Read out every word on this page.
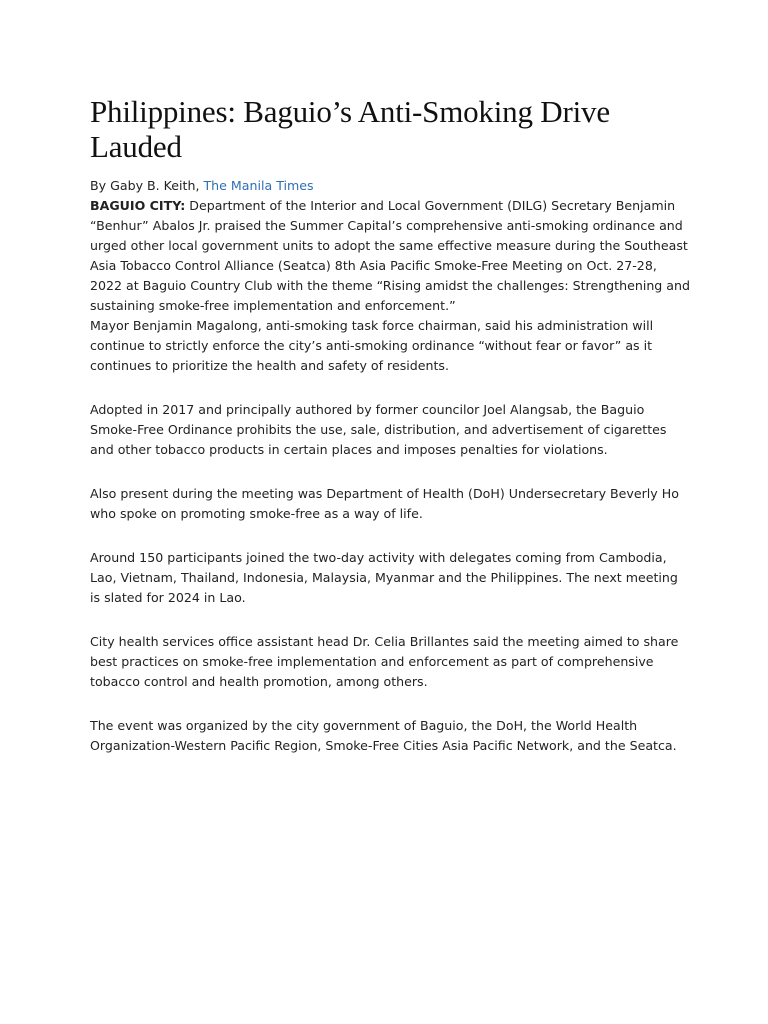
Philippines: Baguio’s Anti-Smoking Drive Lauded

By Gaby B. Keith, The Manila Times

BAGUIO CITY: Department of the Interior and Local Government (DILG) Secretary Benjamin “Benhur” Abalos Jr. praised the Summer Capital’s comprehensive anti-smoking ordinance and urged other local government units to adopt the same effective measure during the Southeast Asia Tobacco Control Alliance (Seatca) 8th Asia Pacific Smoke-Free Meeting on Oct. 27-28, 2022 at Baguio Country Club with the theme “Rising amidst the challenges: Strengthening and sustaining smoke-free implementation and enforcement.”

Mayor Benjamin Magalong, anti-smoking task force chairman, said his administration will continue to strictly enforce the city’s anti-smoking ordinance “without fear or favor” as it continues to prioritize the health and safety of residents.

Adopted in 2017 and principally authored by former councilor Joel Alangsab, the Baguio Smoke-Free Ordinance prohibits the use, sale, distribution, and advertisement of cigarettes and other tobacco products in certain places and imposes penalties for violations.

Also present during the meeting was Department of Health (DoH) Undersecretary Beverly Ho who spoke on promoting smoke-free as a way of life.

Around 150 participants joined the two-day activity with delegates coming from Cambodia, Lao, Vietnam, Thailand, Indonesia, Malaysia, Myanmar and the Philippines. The next meeting is slated for 2024 in Lao.

City health services office assistant head Dr. Celia Brillantes said the meeting aimed to share best practices on smoke-free implementation and enforcement as part of comprehensive tobacco control and health promotion, among others.

The event was organized by the city government of Baguio, the DoH, the World Health Organization-Western Pacific Region, Smoke-Free Cities Asia Pacific Network, and the Seatca.
